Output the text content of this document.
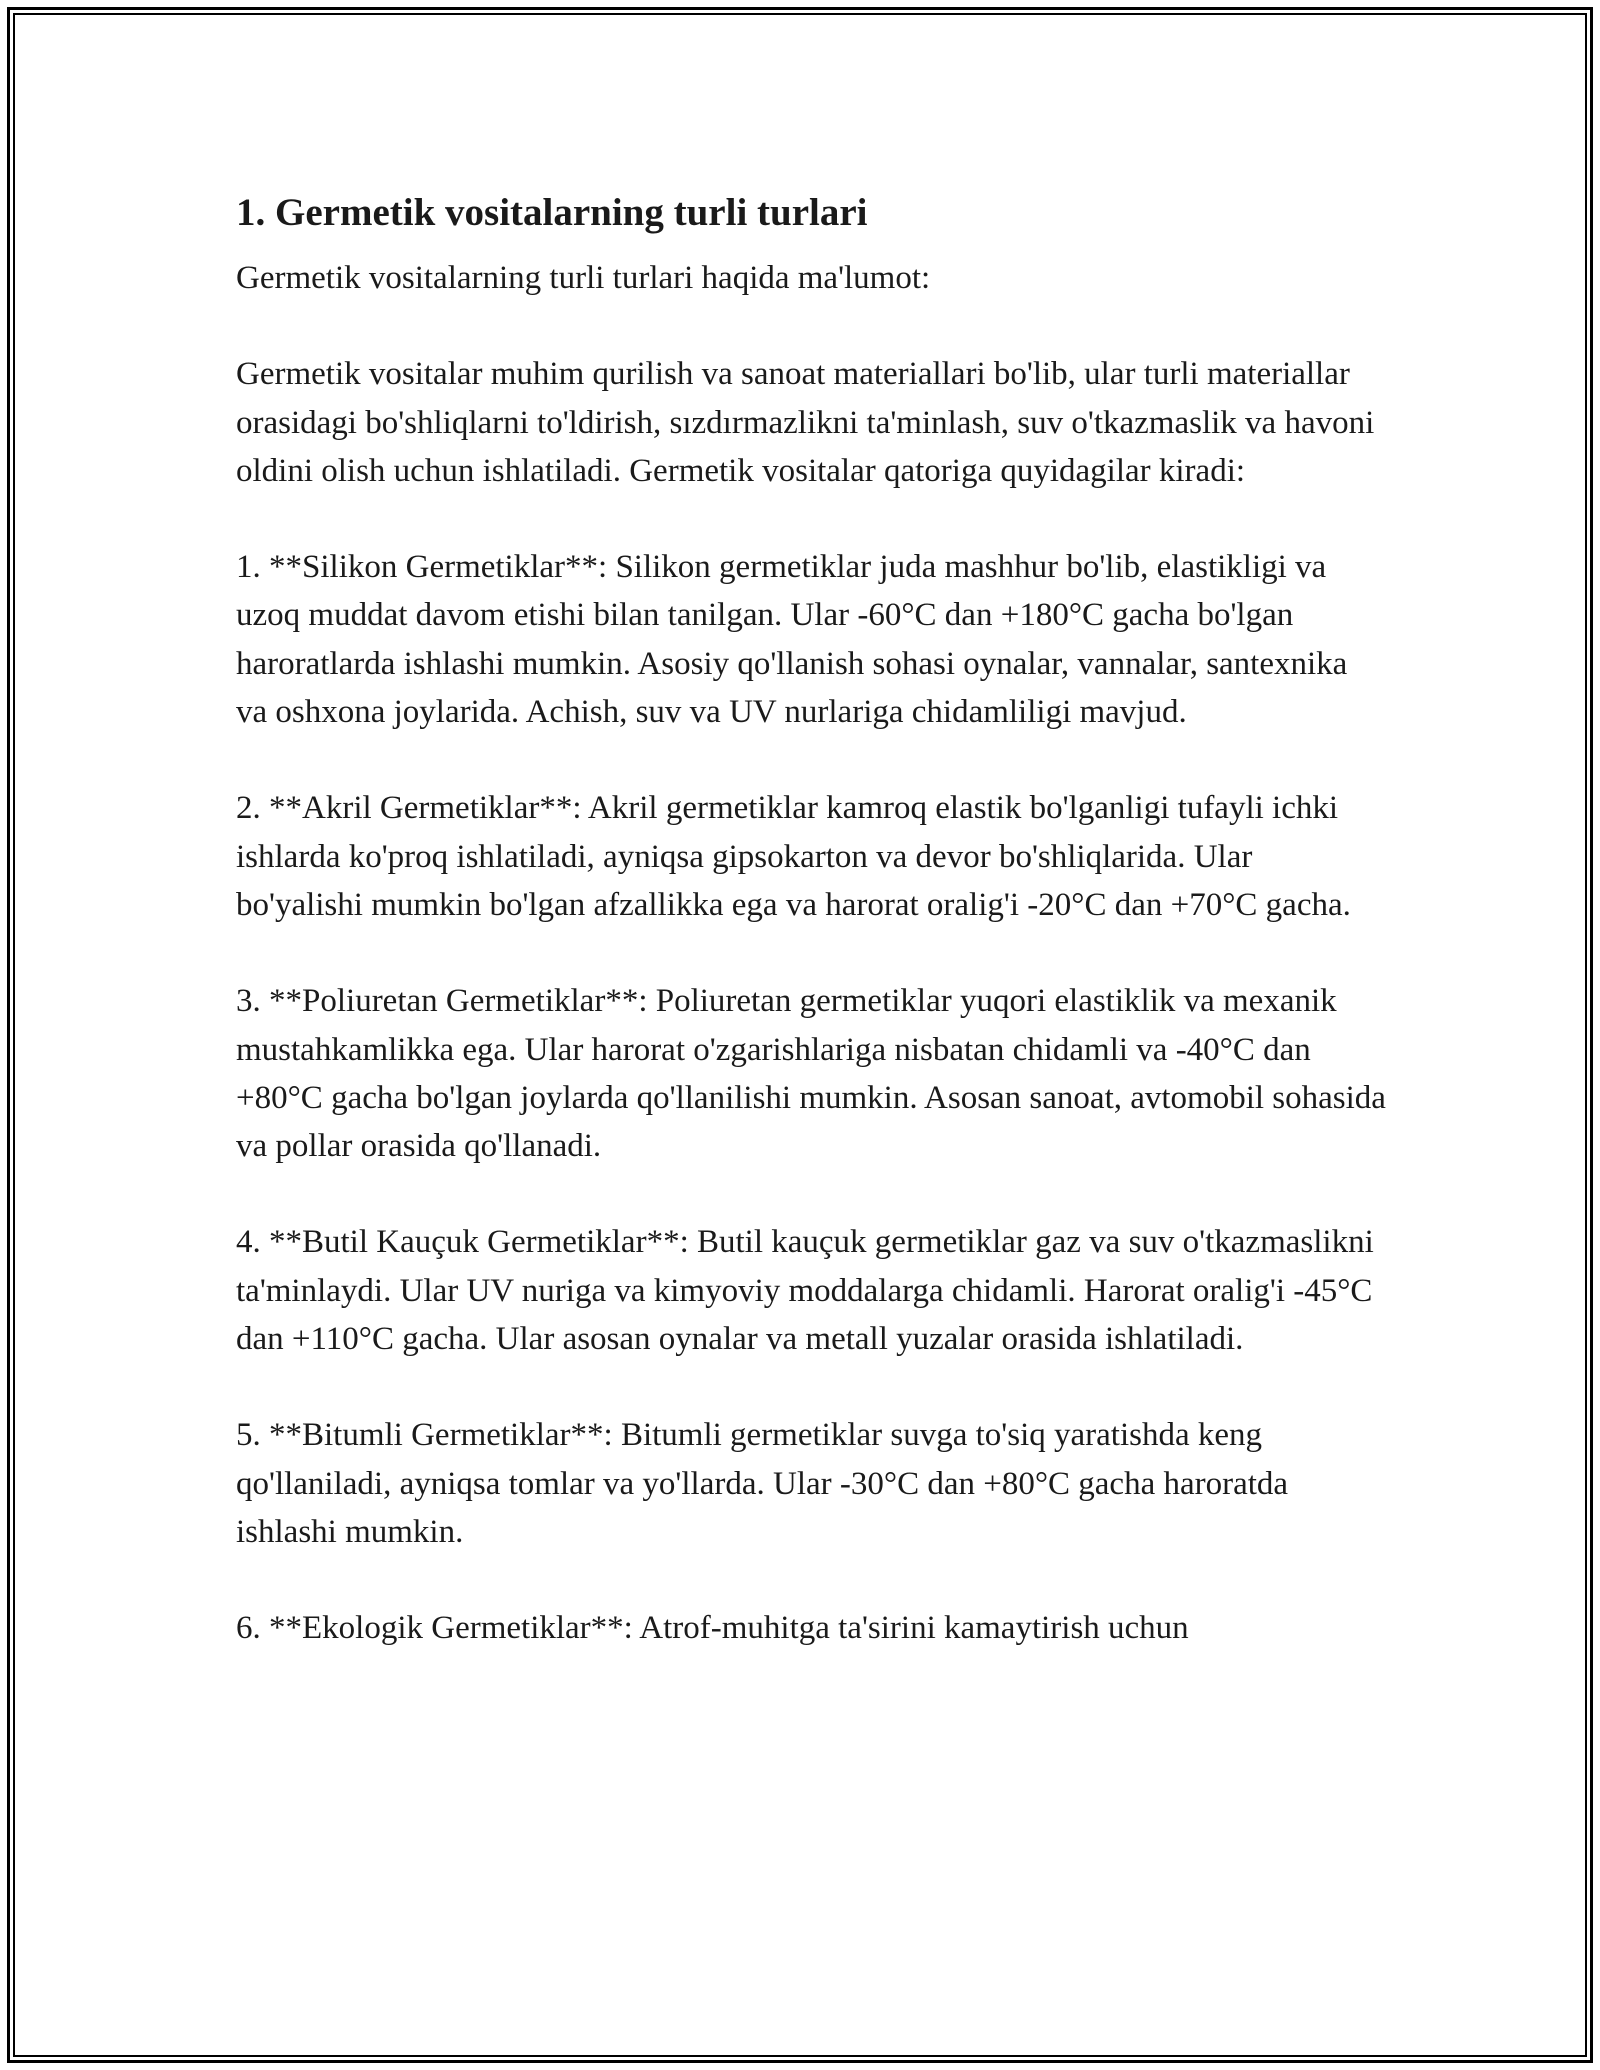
1. Germetik vositalarning turli turlari

Germetik vositalarning turli turlari haqida ma'lumot:

Germetik vositalar muhim qurilish va sanoat materiallari bo'lib, ular turli materiallar orasidagi bo'shliqlarni to'ldirish, sızdırmazlikni ta'minlash, suv o'tkazmaslik va havoni oldini olish uchun ishlatiladi. Germetik vositalar qatoriga quyidagilar kiradi:

1. **Silikon Germetiklar**: Silikon germetiklar juda mashhur bo'lib, elastikligi va uzoq muddat davom etishi bilan tanilgan. Ular -60°C dan +180°C gacha bo'lgan haroratlarda ishlashi mumkin. Asosiy qo'llanish sohasi oynalar, vannalar, santexnika va oshxona joylarida. Achish, suv va UV nurlariga chidamliligi mavjud.

2. **Akril Germetiklar**: Akril germetiklar kamroq elastik bo'lganligi tufayli ichki ishlarda ko'proq ishlatiladi, ayniqsa gipsokarton va devor bo'shliqlarida. Ular bo'yalishi mumkin bo'lgan afzallikka ega va harorat oralig'i -20°C dan +70°C gacha.

3. **Poliuretan Germetiklar**: Poliuretan germetiklar yuqori elastiklik va mexanik mustahkamlikka ega. Ular harorat o'zgarishlariga nisbatan chidamli va -40°C dan +80°C gacha bo'lgan joylarda qo'llanilishi mumkin. Asosan sanoat, avtomobil sohasida va pollar orasida qo'llanadi.

4. **Butil Kauçuk Germetiklar**: Butil kauçuk germetiklar gaz va suv o'tkazmaslikni ta'minlaydi. Ular UV nuriga va kimyoviy moddalarga chidamli. Harorat oralig'i -45°C dan +110°C gacha. Ular asosan oynalar va metall yuzalar orasida ishlatiladi.

5. **Bitumli Germetiklar**: Bitumli germetiklar suvga to'siq yaratishda keng qo'llaniladi, ayniqsa tomlar va yo'llarda. Ular -30°C dan +80°C gacha haroratda ishlashi mumkin.

6. **Ekologik Germetiklar**: Atrof-muhitga ta'sirini kamaytirish uchun
